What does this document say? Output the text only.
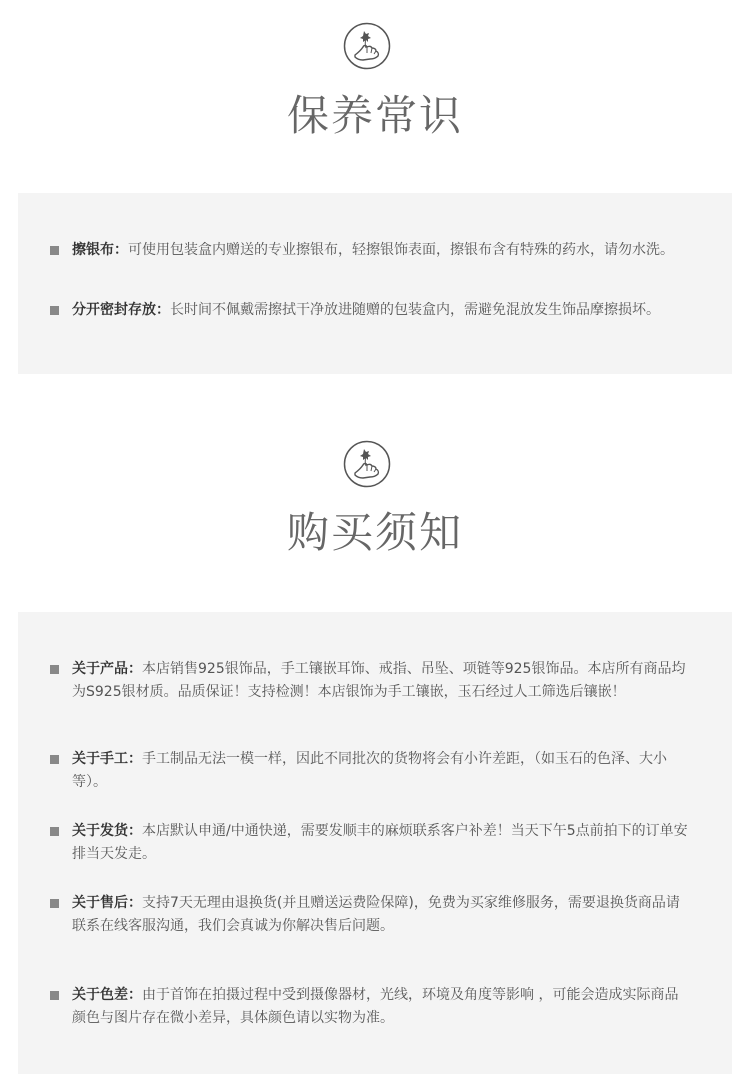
保养常识
擦银布：可使用包装盒内赠送的专业擦银布，轻擦银饰表面，擦银布含有特殊的药水，请勿水洗。
分开密封存放：长时间不佩戴需擦拭干净放进随赠的包装盒内，需避免混放发生饰品摩擦损坏。
购买须知
关于产品：本店销售925银饰品，手工镶嵌耳饰、戒指、吊坠、项链等925银饰品。本店所有商品均为S925银材质。品质保证！支持检测！本店银饰为手工镶嵌，玉石经过人工筛选后镶嵌！
关于手工：手工制品无法一模一样，因此不同批次的货物将会有小许差距，（如玉石的色泽、大小等）。
关于发货：本店默认申通/中通快递，需要发顺丰的麻烦联系客户补差！当天下午5点前拍下的订单安排当天发走。
关于售后：支持7天无理由退换货(并且赠送运费险保障)，免费为买家维修服务，需要退换货商品请联系在线客服沟通，我们会真诚为你解决售后问题。
关于色差：由于首饰在拍摄过程中受到摄像器材，光线，环境及角度等影响 ，可能会造成实际商品颜色与图片存在微小差异，具体颜色请以实物为准。
